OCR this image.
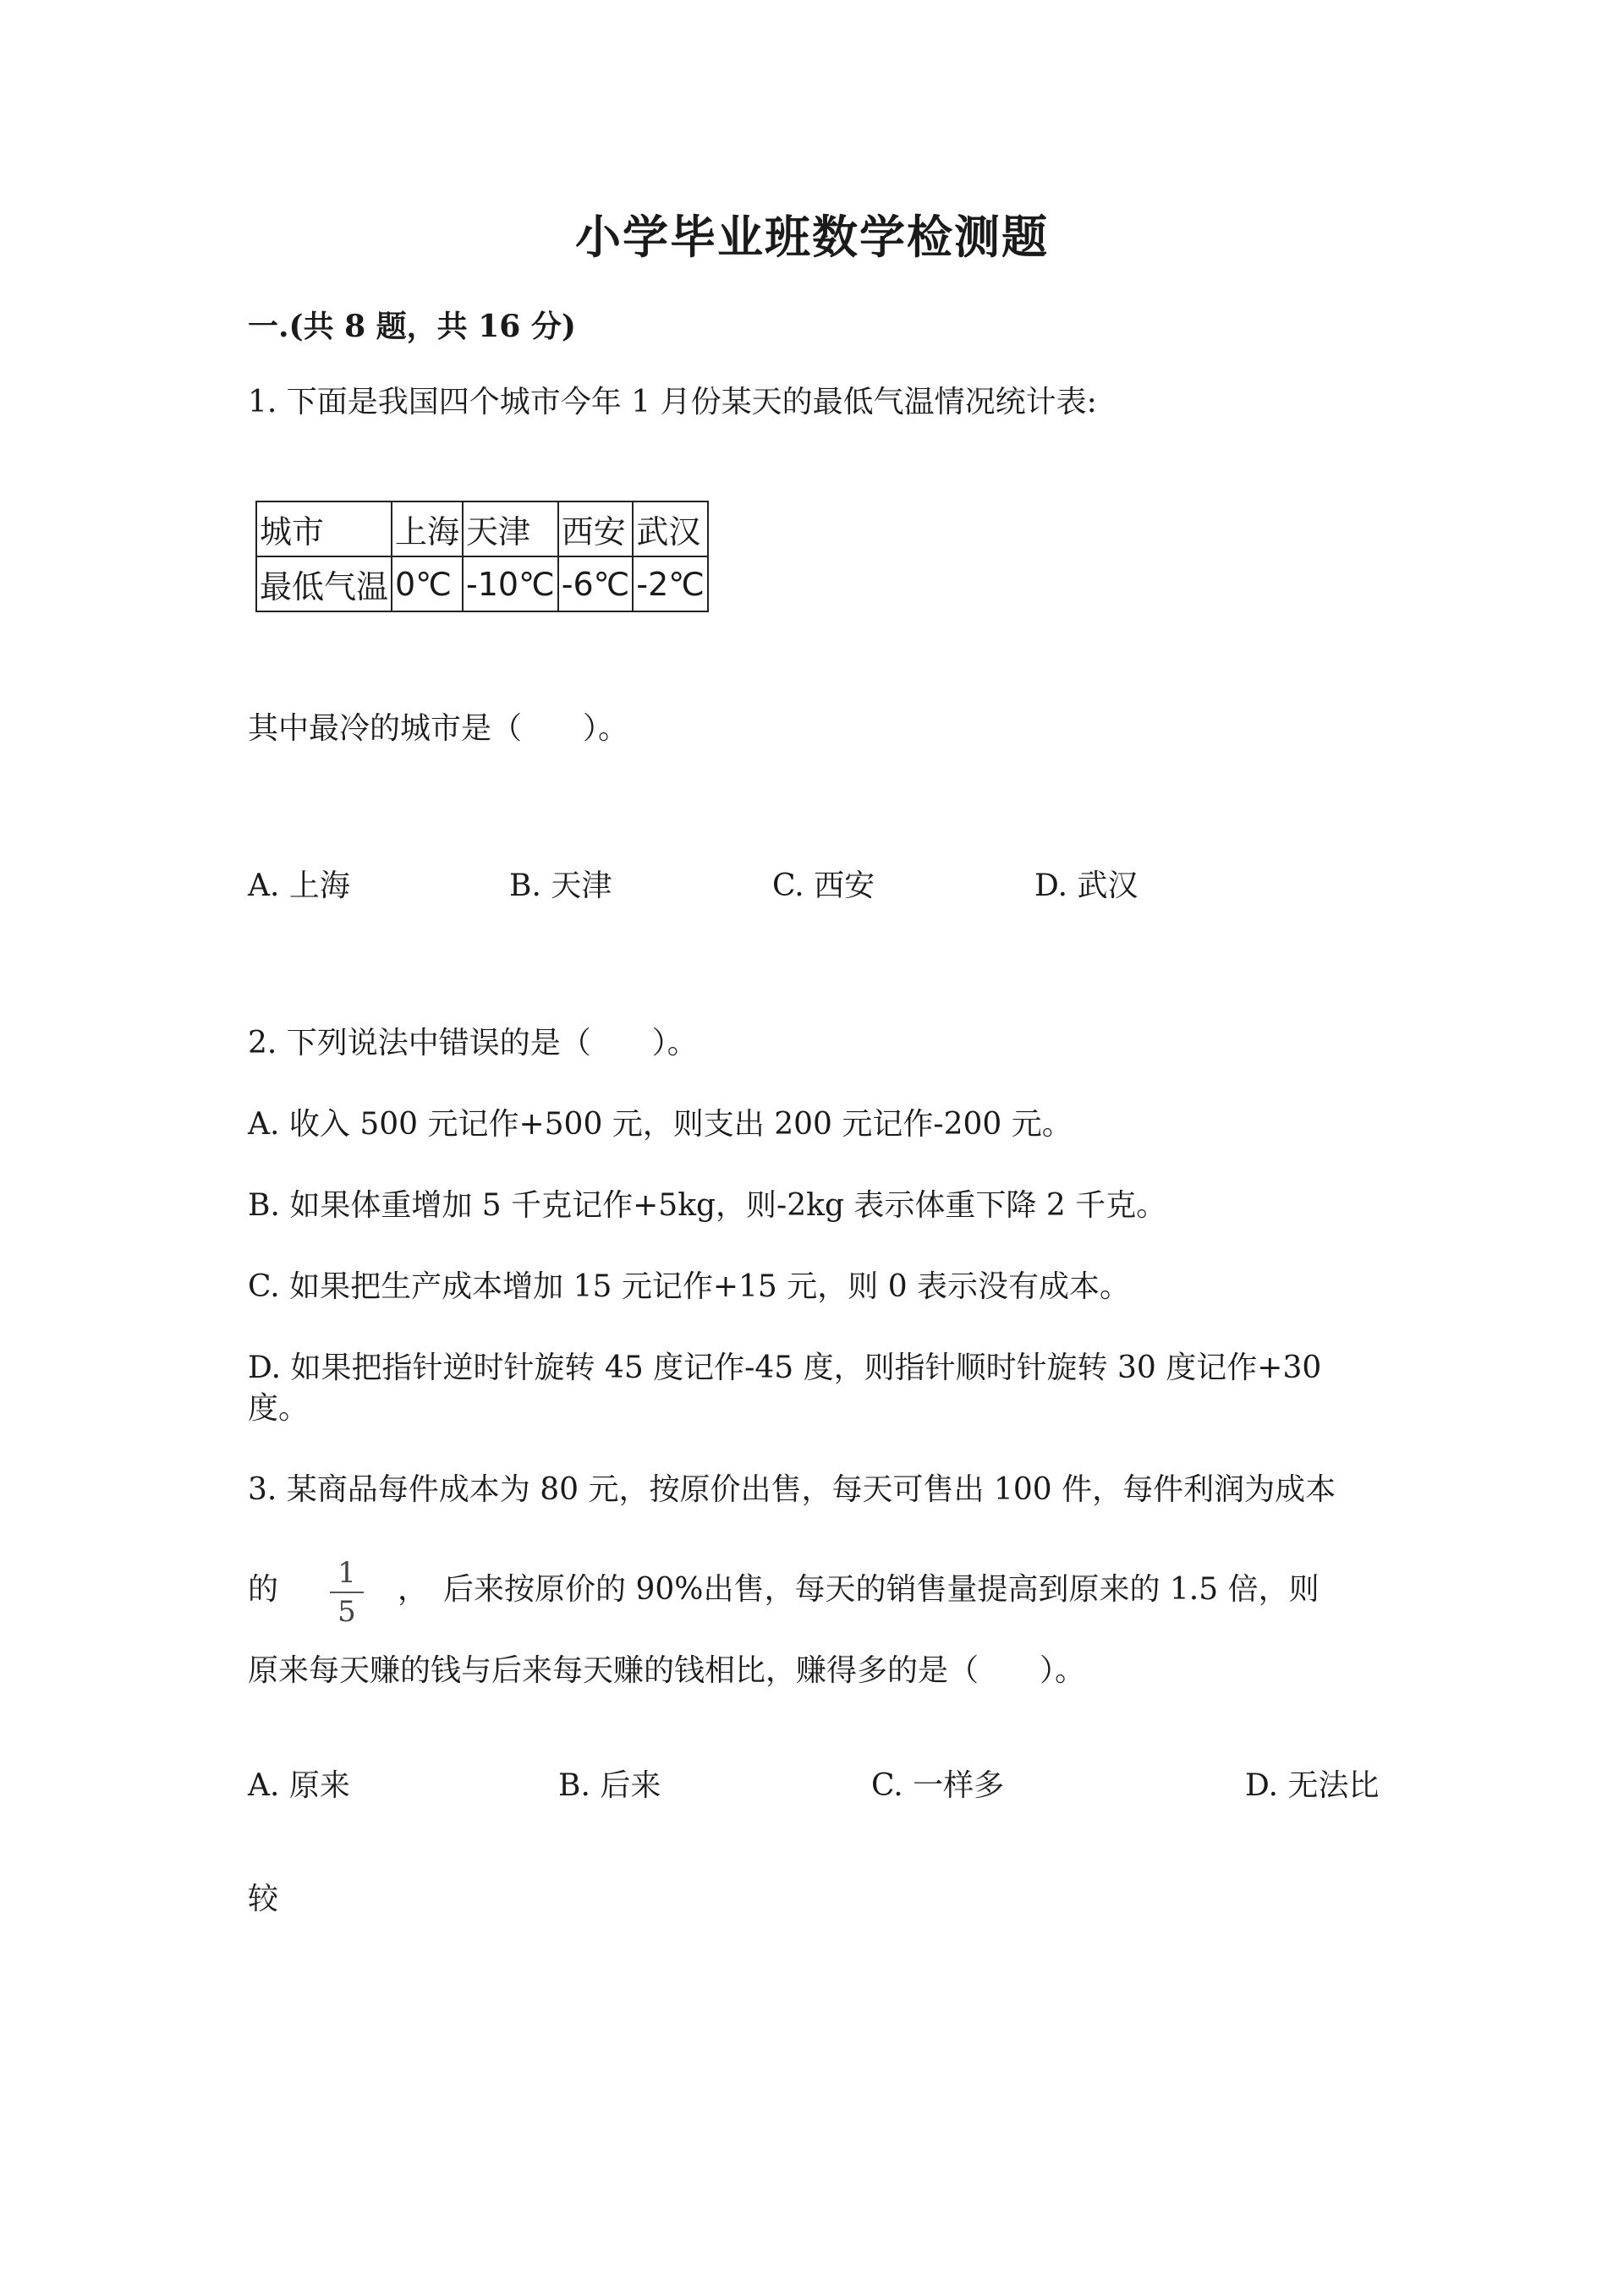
小学毕业班数学检测题
一.(共 8 题，共 16 分)
1. 下面是我国四个城市今年 1 月份某天的最低气温情况统计表:
城市	上海	天津	西安	武汉
最低气温	0℃	-10℃	-6℃	-2℃
其中最冷的城市是（　　）。
A. 上海	B. 天津	C. 西安	D. 武汉
2. 下列说法中错误的是（　　）。
A. 收入 500 元记作+500 元，则支出 200 元记作-200 元。
B. 如果体重增加 5 千克记作+5kg，则-2kg 表示体重下降 2 千克。
C. 如果把生产成本增加 15 元记作+15 元，则 0 表示没有成本。
D. 如果把指针逆时针旋转 45 度记作-45 度，则指针顺时针旋转 30 度记作+30
度。
3. 某商品每件成本为 80 元，按原价出售，每天可售出 100 件，每件利润为成本
的 $\frac{1}{5}$ ，　后来按原价的 90%出售，每天的销售量提高到原来的 1.5 倍，则
原来每天赚的钱与后来每天赚的钱相比，赚得多的是（　　）。
A. 原来	B. 后来	C. 一样多	D. 无法比
较
